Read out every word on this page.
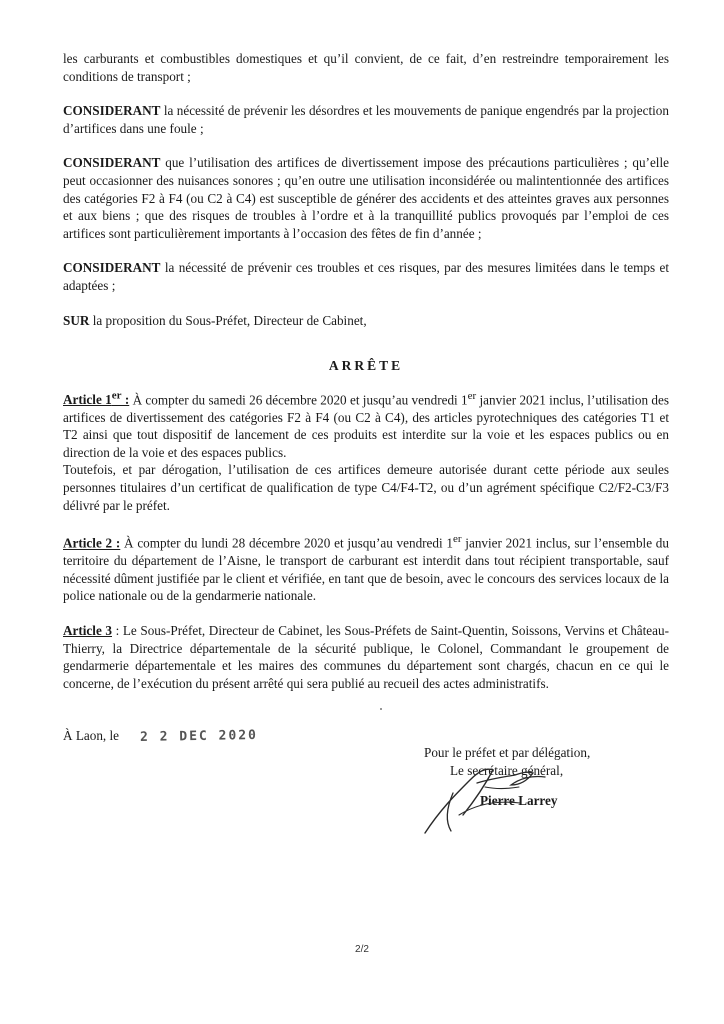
les carburants et combustibles domestiques et qu’il convient, de ce fait, d’en restreindre temporairement les conditions de transport ;

CONSIDERANT la nécessité de prévenir les désordres et les mouvements de panique engendrés par la projection d’artifices dans une foule ;

CONSIDERANT que l’utilisation des artifices de divertissement impose des précautions particulières ; qu’elle peut occasionner des nuisances sonores ; qu’en outre une utilisation inconsidérée ou malintentionnée des artifices des catégories F2 à F4 (ou C2 à C4) est susceptible de générer des accidents et des atteintes graves aux personnes et aux biens ; que des risques de troubles à l’ordre et à la tranquillité publics provoqués par l’emploi de ces artifices sont particulièrement importants à l’occasion des fêtes de fin d’année ;

CONSIDERANT la nécessité de prévenir ces troubles et ces risques, par des mesures limitées dans le temps et adaptées ;

SUR la proposition du Sous-Préfet, Directeur de Cabinet,

ARRÊTE
Article 1er : À compter du samedi 26 décembre 2020 et jusqu’au vendredi 1er janvier 2021 inclus, l’utilisation des artifices de divertissement des catégories F2 à F4 (ou C2 à C4), des articles pyrotechniques des catégories T1 et T2 ainsi que tout dispositif de lancement de ces produits est interdite sur la voie et les espaces publics ou en direction de la voie et des espaces publics.
Toutefois, et par dérogation, l’utilisation de ces artifices demeure autorisée durant cette période aux seules personnes titulaires d’un certificat de qualification de type C4/F4-T2, ou d’un agrément spécifique C2/F2-C3/F3 délivré par le préfet.
Article 2 : À compter du lundi 28 décembre 2020 et jusqu’au vendredi 1er janvier 2021 inclus, sur l’ensemble du territoire du département de l’Aisne, le transport de carburant est interdit dans tout récipient transportable, sauf nécessité dûment justifiée par le client et vérifiée, en tant que de besoin, avec le concours des services locaux de la police nationale ou de la gendarmerie nationale.
Article 3 : Le Sous-Préfet, Directeur de Cabinet, les Sous-Préfets de Saint-Quentin, Soissons, Vervins et Château-Thierry, la Directrice départementale de la sécurité publique, le Colonel, Commandant le groupement de gendarmerie départementale et les maires des communes du département sont chargés, chacun en ce qui le concerne, de l’exécution du présent arrêté qui sera publié au recueil des actes administratifs.
À Laon, le 2 2 DEC 2020
Pour le préfet et par délégation,
Le secrétaire général,
Pierre Larrey
2/2
